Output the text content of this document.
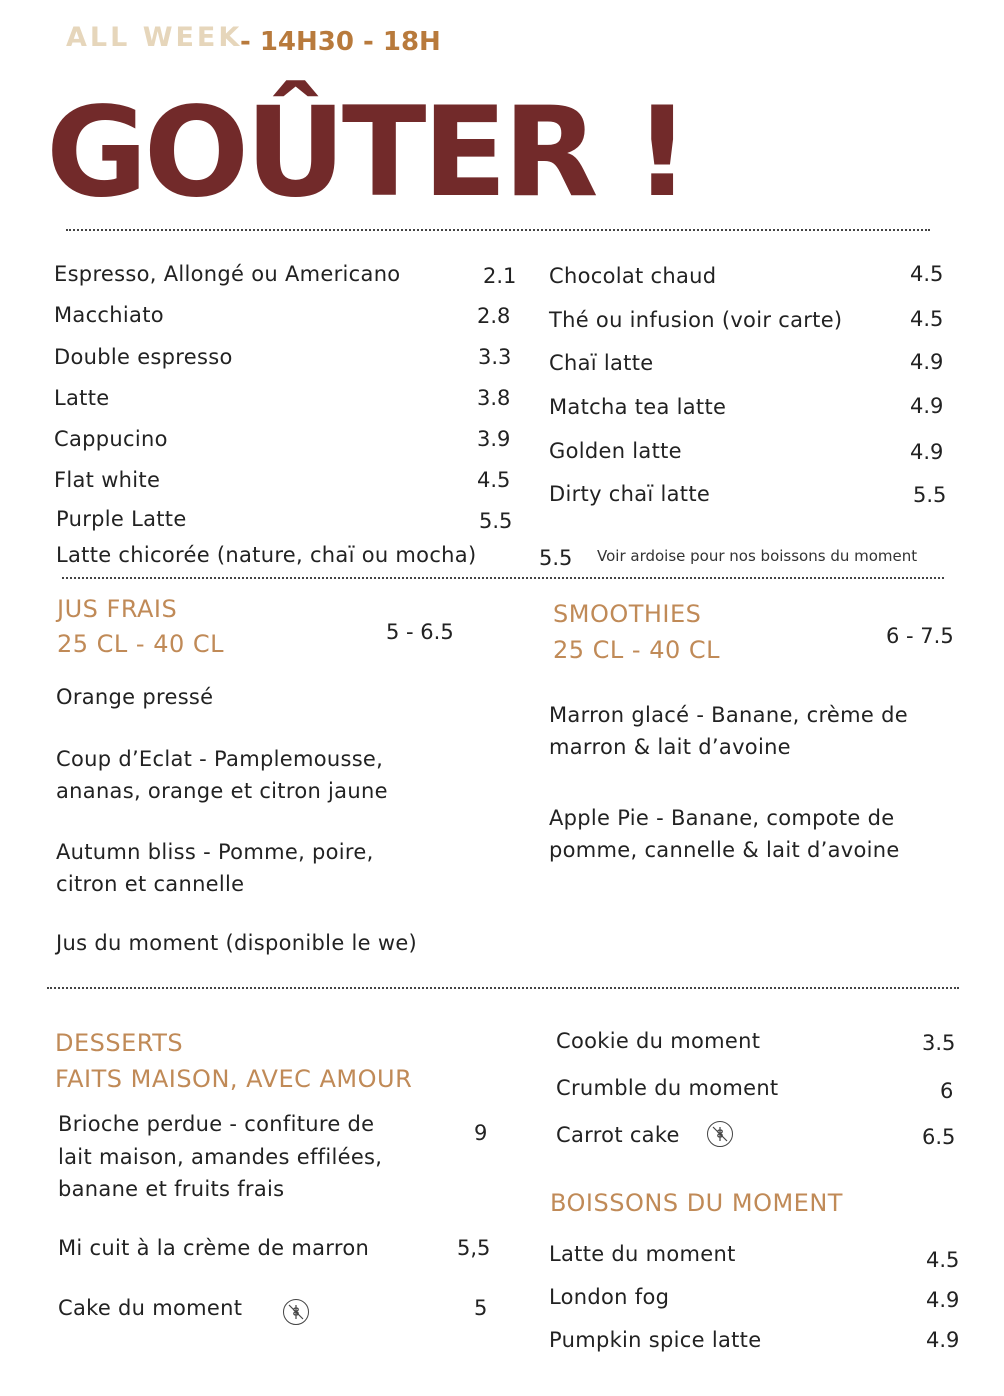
ALL WEEK
- 14H30 - 18H
GOÛTER !
Espresso, Allongé ou Americano	2.1
Macchiato	2.8
Double espresso	3.3
Latte	3.8
Cappucino	3.9
Flat white	4.5
Purple Latte	5.5
Latte chicorée (nature, chaï ou mocha)	5.5
Chocolat chaud	4.5
Thé ou infusion (voir carte)	4.5
Chaï latte	4.9
Matcha tea latte	4.9
Golden latte	4.9
Dirty chaï latte	5.5
Voir ardoise pour nos boissons du moment
JUS FRAIS
25 CL - 40 CL	5 - 6.5
Orange pressé
Coup d’Eclat - Pamplemousse,
ananas, orange et citron jaune
Autumn bliss - Pomme, poire,
citron et cannelle
Jus du moment (disponible le we)
SMOOTHIES
25 CL - 40 CL	6 - 7.5
Marron glacé - Banane, crème de
marron & lait d’avoine
Apple Pie - Banane, compote de
pomme, cannelle & lait d’avoine
DESSERTS
FAITS MAISON, AVEC AMOUR
Brioche perdue - confiture de
lait maison, amandes effilées,
banane et fruits frais
9
Mi cuit à la crème de marron	5,5
Cake du moment	5
Cookie du moment	3.5
Crumble du moment	6
Carrot cake	6.5
BOISSONS DU MOMENT
Latte du moment	4.5
London fog	4.9
Pumpkin spice latte	4.9
